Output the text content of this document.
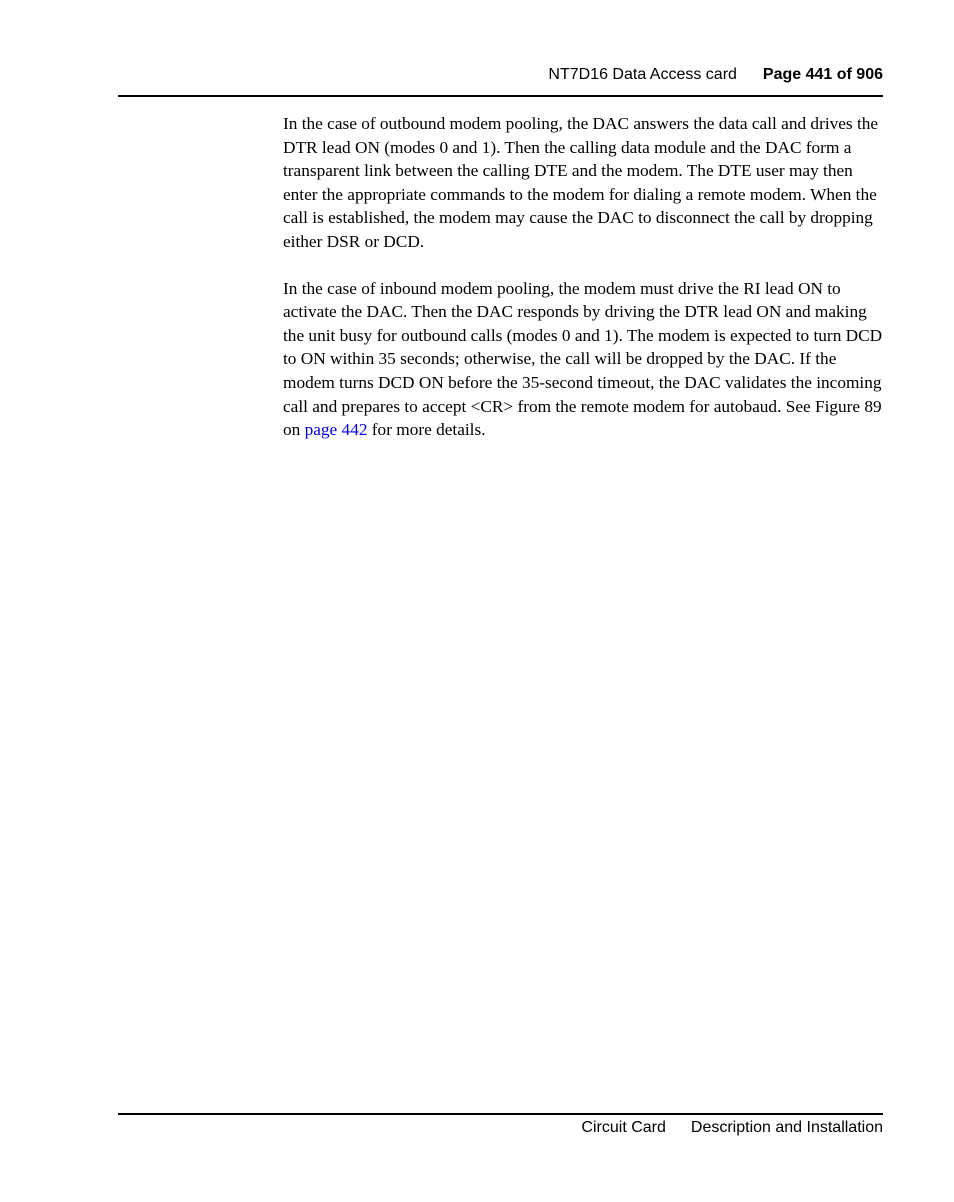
NT7D16 Data Access card Page 441 of 906

In the case of outbound modem pooling, the DAC answers the data call and drives the DTR lead ON (modes 0 and 1). Then the calling data module and the DAC form a transparent link between the calling DTE and the modem. The DTE user may then enter the appropriate commands to the modem for dialing a remote modem. When the call is established, the modem may cause the DAC to disconnect the call by dropping either DSR or DCD.

In the case of inbound modem pooling, the modem must drive the RI lead ON to activate the DAC. Then the DAC responds by driving the DTR lead ON and making the unit busy for outbound calls (modes 0 and 1). The modem is expected to turn DCD to ON within 35 seconds; otherwise, the call will be dropped by the DAC. If the modem turns DCD ON before the 35-second timeout, the DAC validates the incoming call and prepares to accept <CR> from the remote modem for autobaud. See Figure 89 on page 442 for more details.

Circuit Card Description and Installation
